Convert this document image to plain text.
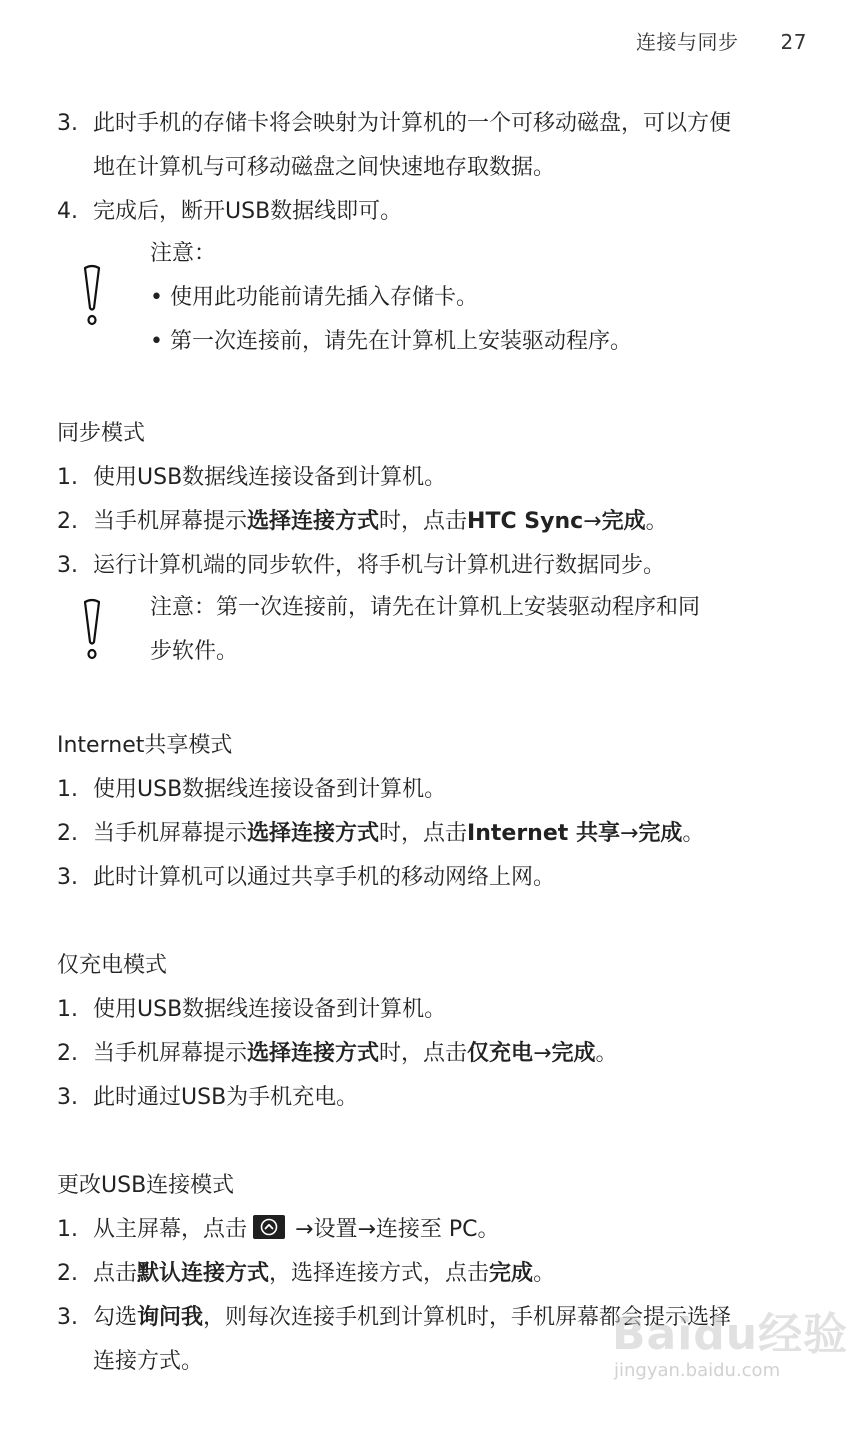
连接与同步 27
3. 此时手机的存储卡将会映射为计算机的一个可移动磁盘，可以方便
地在计算机与可移动磁盘之间快速地存取数据。
4. 完成后，断开USB数据线即可。
注意：
• 使用此功能前请先插入存储卡。
• 第一次连接前，请先在计算机上安装驱动程序。
同步模式
1. 使用USB数据线连接设备到计算机。
2. 当手机屏幕提示选择连接方式时，点击HTC Sync→完成。
3. 运行计算机端的同步软件，将手机与计算机进行数据同步。
注意：第一次连接前，请先在计算机上安装驱动程序和同
步软件。
Internet共享模式
1. 使用USB数据线连接设备到计算机。
2. 当手机屏幕提示选择连接方式时，点击Internet 共享→完成。
3. 此时计算机可以通过共享手机的移动网络上网。
仅充电模式
1. 使用USB数据线连接设备到计算机。
2. 当手机屏幕提示选择连接方式时，点击仅充电→完成。
3. 此时通过USB为手机充电。
更改USB连接模式
1. 从主屏幕，点击 →设置→连接至 PC。
2. 点击默认连接方式，选择连接方式，点击完成。
3. 勾选询问我，则每次连接手机到计算机时，手机屏幕都会提示选择
连接方式。
Baidu经验
jingyan.baidu.com
